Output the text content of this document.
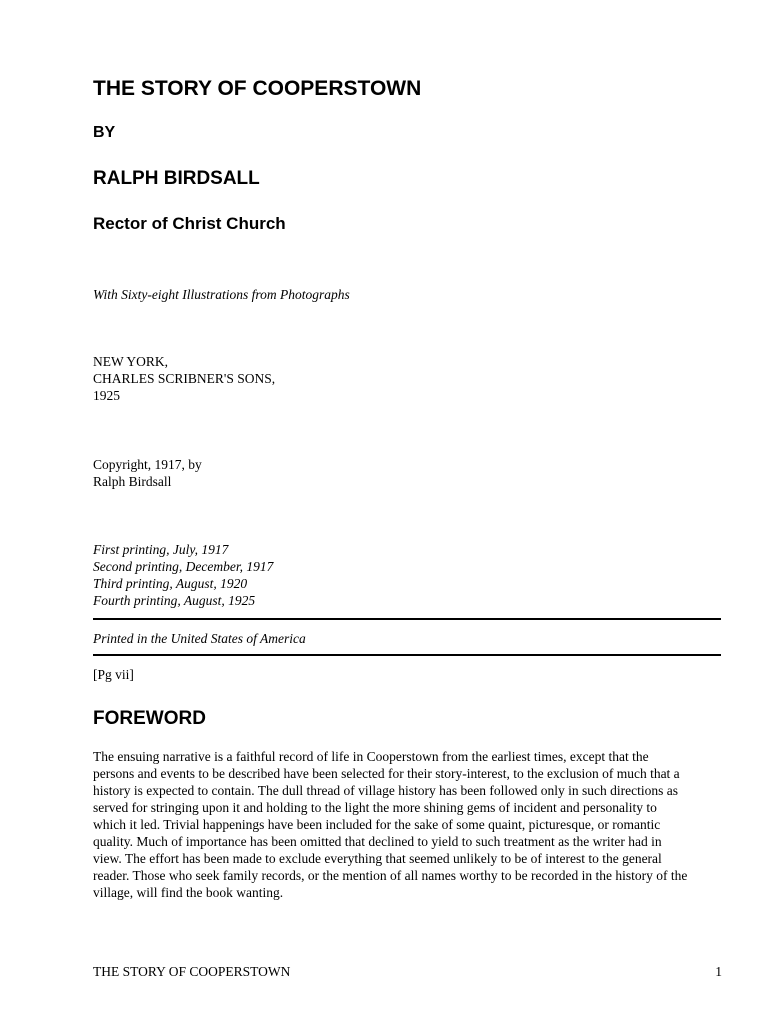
THE STORY OF COOPERSTOWN
BY
RALPH BIRDSALL
Rector of Christ Church

With Sixty-eight Illustrations from Photographs

NEW YORK,
CHARLES SCRIBNER'S SONS,
1925
Copyright, 1917, by
Ralph Birdsall
First printing, July, 1917
Second printing, December, 1917
Third printing, August, 1920
Fourth printing, August, 1925

Printed in the United States of America

[Pg vii]

FOREWORD
The ensuing narrative is a faithful record of life in Cooperstown from the earliest times, except that the
persons and events to be described have been selected for their story-interest, to the exclusion of much that a
history is expected to contain. The dull thread of village history has been followed only in such directions as
served for stringing upon it and holding to the light the more shining gems of incident and personality to
which it led. Trivial happenings have been included for the sake of some quaint, picturesque, or romantic
quality. Much of importance has been omitted that declined to yield to such treatment as the writer had in
view. The effort has been made to exclude everything that seemed unlikely to be of interest to the general
reader. Those who seek family records, or the mention of all names worthy to be recorded in the history of the
village, will find the book wanting.
THE STORY OF COOPERSTOWN	1
